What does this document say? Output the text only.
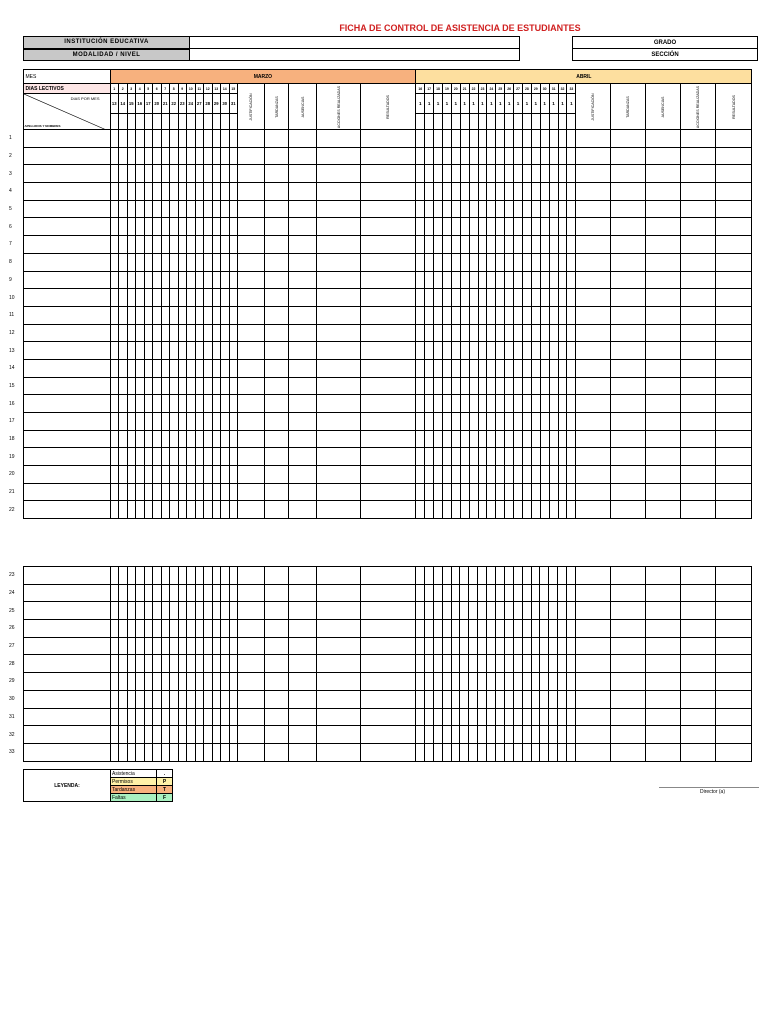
FICHA DE CONTROL DE ASISTENCIA DE ESTUDIANTES
INSTITUCIÓN EDUCATIVA
MODALIDAD / NIVEL
GRADO
SECCIÓN
	MES	MARZO																				ABRIL																						
	DIAS LECTIVOS	1	2	3	4	5	6	7	8	9	10	11	12	13	14	15	JUSTIFICACIÓN	TARDANZAS	AUSENCIAS	ACCIONES REALIZADAS	RESULTADOS	16	17	18	19	20	21	22	23	24	25	26	27	28	29	30	31	32	33	JUSTIFICACIÓN	TARDANZAS	AUSENCIAS	ACCIONES REALIZADAS	RESULTADOS

	DIAS POR MES
APELLIDOS Y NOMBRES	13	14	15	16	17	20	21	22	23	24	27	28	29	30	31						1	1	1	1	1	1	1	1	1	1	1	1	1	1	1	1	1	1					

1																																												
2																																												
3																																												
4																																												
5																																												
6																																												
7																																												
8																																												
9																																												
10																																												
11																																												
12																																												
13																																												
14																																												
15																																												
16																																												
17																																												
18																																												
19																																												
20																																												
21																																												
22																																												
23																																												
24																																												
25																																												
26																																												
27																																												
28																																												
29																																												
30																																												
31																																												
32																																												
33																																												
LEYENDA:	Asistencia	.
	Permisos	P
	Tardanzas	T
	Faltas	F
Director (a)
